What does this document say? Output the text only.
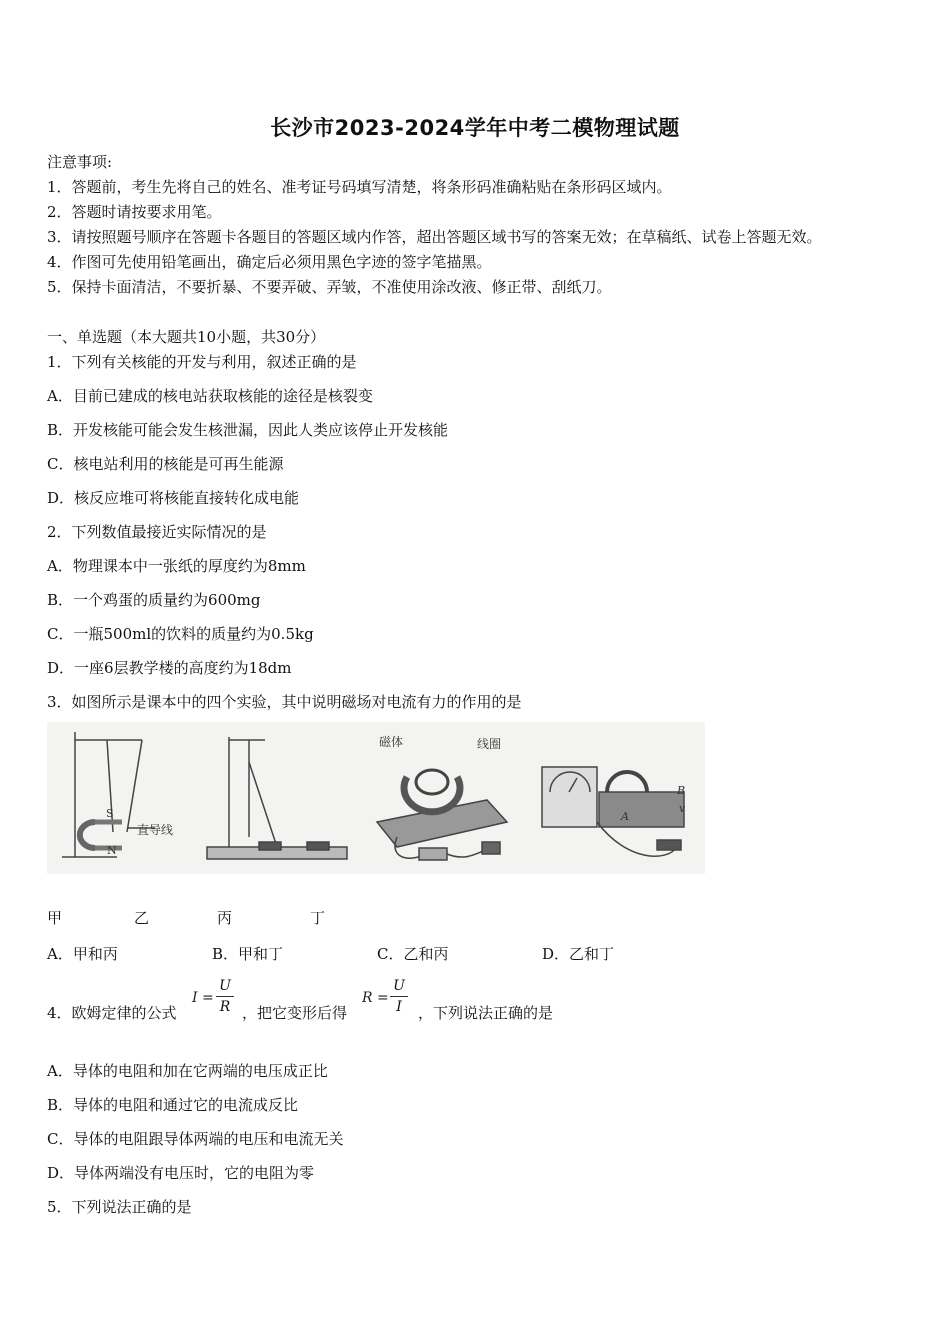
长沙市2023-2024学年中考二模物理试题
注意事项:
1．答题前，考生先将自己的姓名、准考证号码填写清楚，将条形码准确粘贴在条形码区域内。
2．答题时请按要求用笔。
3．请按照题号顺序在答题卡各题目的答题区域内作答，超出答题区域书写的答案无效；在草稿纸、试卷上答题无效。
4．作图可先使用铅笔画出，确定后必须用黑色字迹的签字笔描黑。
5．保持卡面清洁，不要折暴、不要弄破、弄皱，不准使用涂改液、修正带、刮纸刀。
一、单选题（本大题共10小题，共30分）
1．下列有关核能的开发与利用，叙述正确的是
A．目前已建成的核电站获取核能的途径是核裂变
B．开发核能可能会发生核泄漏，因此人类应该停止开发核能
C．核电站利用的核能是可再生能源
D．核反应堆可将核能直接转化成电能
2．下列数值最接近实际情况的是
A．物理课本中一张纸的厚度约为8mm
B．一个鸡蛋的质量约为600mg
C．一瓶500ml的饮料的质量约为0.5kg
D．一座6层教学楼的高度约为18dm
3．如图所示是课本中的四个实验，其中说明磁场对电流有力的作用的是
S
N
直导线
磁体	线圈
B
v
A
甲	乙	丙	丁
A．甲和丙	B．甲和丁	C．乙和丙	D．乙和丁
4．欧姆定律的公式
I =
U
R ，把它变形后得
R =
U
I ，下列说法正确的是
A．导体的电阻和加在它两端的电压成正比
B．导体的电阻和通过它的电流成反比
C．导体的电阻跟导体两端的电压和电流无关
D．导体两端没有电压时，它的电阻为零
5．下列说法正确的是
